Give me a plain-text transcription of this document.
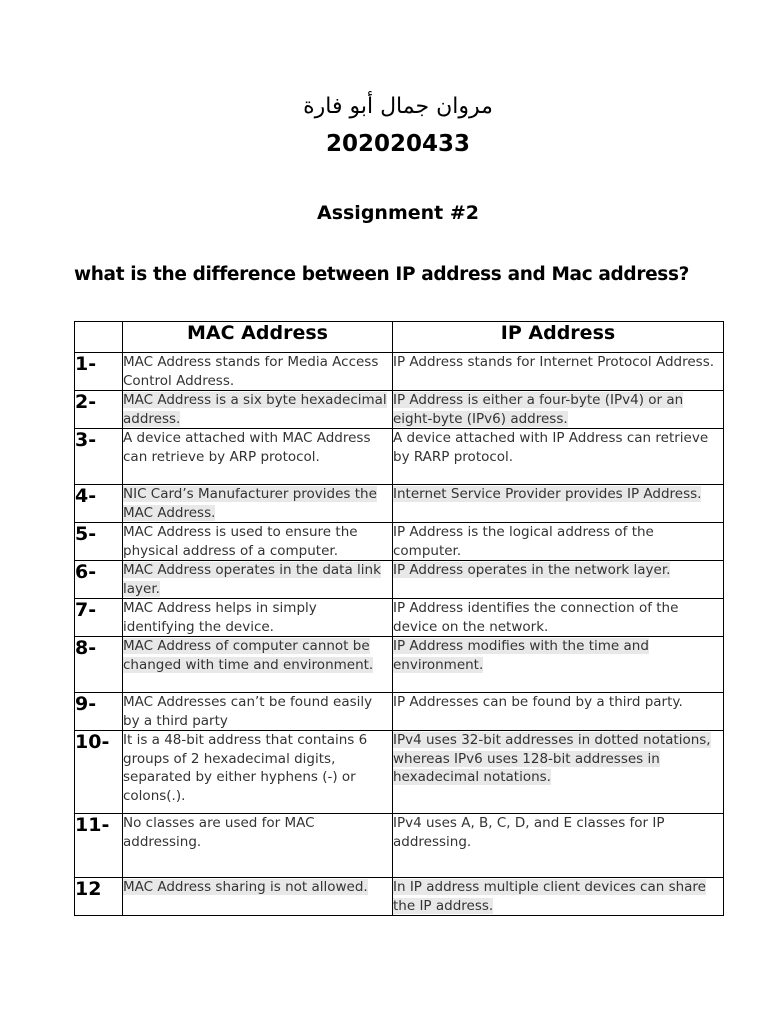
مروان جمال أبو فارة
202020433
Assignment #2
what is the difference between IP address and Mac address?
	MAC Address	IP Address
1-	MAC Address stands for Media Access Control Address.	IP Address stands for Internet Protocol Address.
2-	MAC Address is a six byte hexadecimal address.	IP Address is either a four-byte (IPv4) or an eight-byte (IPv6) address.
3-	A device attached with MAC Address can retrieve by ARP protocol.	A device attached with IP Address can retrieve by RARP protocol.
4-	NIC Card’s Manufacturer provides the MAC Address.	Internet Service Provider provides IP Address.
5-	MAC Address is used to ensure the physical address of a computer.	IP Address is the logical address of the computer.
6-	MAC Address operates in the data link layer.	IP Address operates in the network layer.
7-	MAC Address helps in simply identifying the device.	IP Address identifies the connection of the device on the network.
8-	MAC Address of computer cannot be changed with time and environment.	IP Address modifies with the time and environment.
9-	MAC Addresses can’t be found easily by a third party	IP Addresses can be found by a third party.
10-	It is a 48-bit address that contains 6 groups of 2 hexadecimal digits, separated by either hyphens (-) or colons(.).	IPv4 uses 32-bit addresses in dotted notations, whereas IPv6 uses 128-bit addresses in hexadecimal notations.
11-	No classes are used for MAC addressing.	IPv4 uses A, B, C, D, and E classes for IP addressing.
12	MAC Address sharing is not allowed.	In IP address multiple client devices can share the IP address.
